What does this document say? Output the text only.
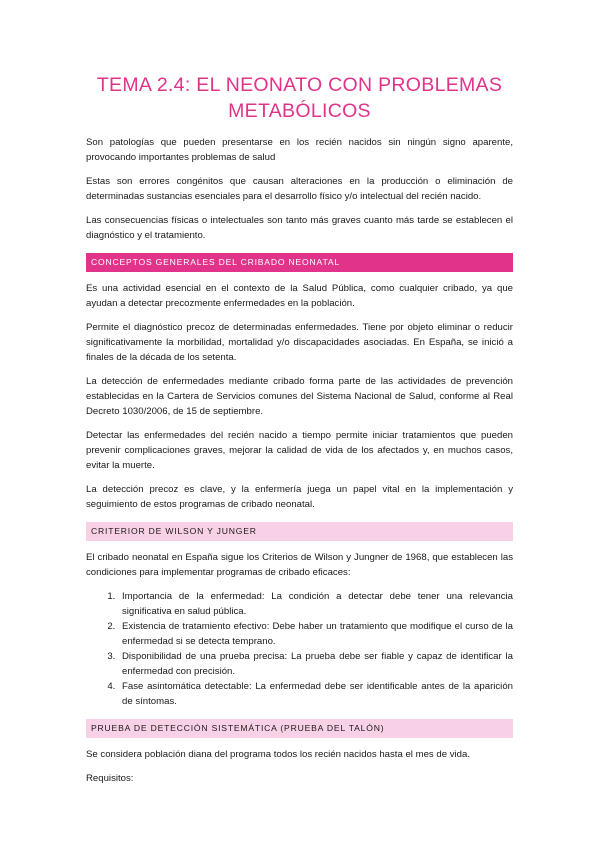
TEMA 2.4: EL NEONATO CON PROBLEMAS METABÓLICOS

Son patologías que pueden presentarse en los recién nacidos sin ningún signo aparente, provocando importantes problemas de salud

Estas son errores congénitos que causan alteraciones en la producción o eliminación de determinadas sustancias esenciales para el desarrollo físico y/o intelectual del recién nacido.

Las consecuencias físicas o intelectuales son tanto más graves cuanto más tarde se establecen el diagnóstico y el tratamiento.

CONCEPTOS GENERALES DEL CRIBADO NEONATAL

Es una actividad esencial en el contexto de la Salud Pública, como cualquier cribado, ya que ayudan a detectar precozmente enfermedades en la población.

Permite el diagnóstico precoz de determinadas enfermedades. Tiene por objeto eliminar o reducir significativamente la morbilidad, mortalidad y/o discapacidades asociadas. En España, se inició a finales de la década de los setenta.

La detección de enfermedades mediante cribado forma parte de las actividades de prevención establecidas en la Cartera de Servicios comunes del Sistema Nacional de Salud, conforme al Real Decreto 1030/2006, de 15 de septiembre.

Detectar las enfermedades del recién nacido a tiempo permite iniciar tratamientos que pueden prevenir complicaciones graves, mejorar la calidad de vida de los afectados y, en muchos casos, evitar la muerte.

La detección precoz es clave, y la enfermería juega un papel vital en la implementación y seguimiento de estos programas de cribado neonatal.

CRITERIOR DE WILSON Y JUNGER

El cribado neonatal en España sigue los Criterios de Wilson y Jungner de 1968, que establecen las condiciones para implementar programas de cribado eficaces:

1. Importancia de la enfermedad: La condición a detectar debe tener una relevancia significativa en salud pública.
2. Existencia de tratamiento efectivo: Debe haber un tratamiento que modifique el curso de la enfermedad si se detecta temprano.
3. Disponibilidad de una prueba precisa: La prueba debe ser fiable y capaz de identificar la enfermedad con precisión.
4. Fase asintomática detectable: La enfermedad debe ser identificable antes de la aparición de síntomas.
PRUEBA DE DETECCIÓN SISTEMÁTICA (PRUEBA DEL TALÓN)

Se considera población diana del programa todos los recién nacidos hasta el mes de vida.

Requisitos:
